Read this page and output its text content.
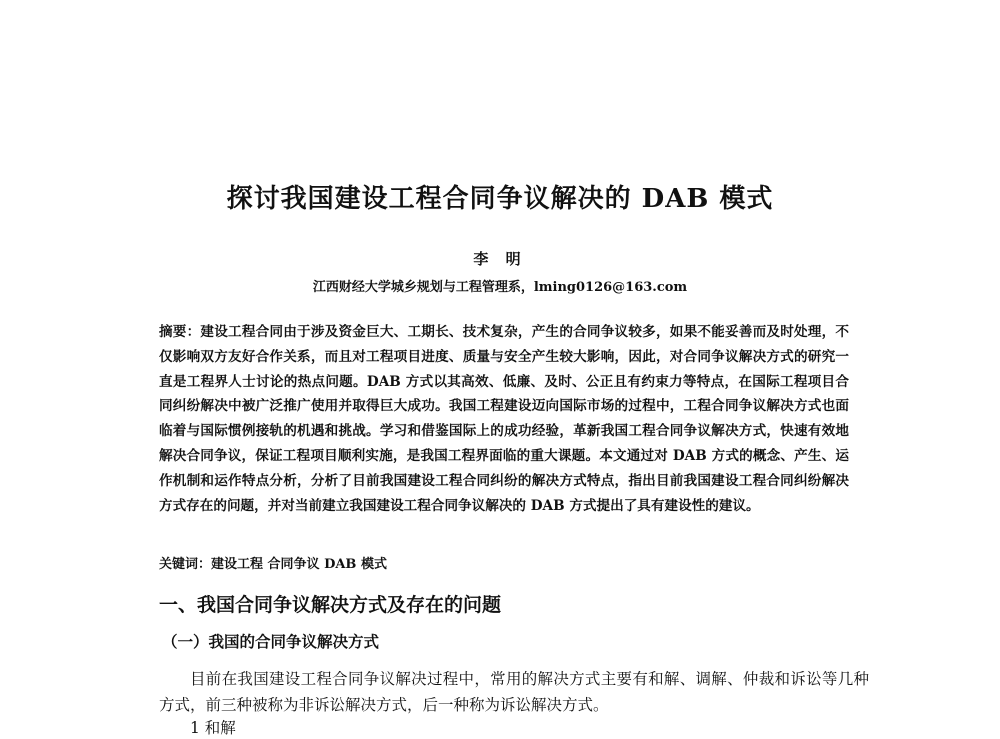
探讨我国建设工程合同争议解决的 DAB 模式
李 明
江西财经大学城乡规划与工程管理系，lming0126@163.com
摘要：建设工程合同由于涉及资金巨大、工期长、技术复杂，产生的合同争议较多，如果不能妥善而及时处理，不仅影响双方友好合作关系，而且对工程项目进度、质量与安全产生较大影响，因此，对合同争议解决方式的研究一直是工程界人士讨论的热点问题。DAB 方式以其高效、低廉、及时、公正且有约束力等特点，在国际工程项目合同纠纷解决中被广泛推广使用并取得巨大成功。我国工程建设迈向国际市场的过程中，工程合同争议解决方式也面临着与国际惯例接轨的机遇和挑战。学习和借鉴国际上的成功经验，革新我国工程合同争议解决方式，快速有效地解决合同争议，保证工程项目顺利实施，是我国工程界面临的重大课题。本文通过对 DAB 方式的概念、产生、运作机制和运作特点分析，分析了目前我国建设工程合同纠纷的解决方式特点，指出目前我国建设工程合同纠纷解决方式存在的问题，并对当前建立我国建设工程合同争议解决的 DAB 方式提出了具有建设性的建议。
关键词：建设工程 合同争议 DAB 模式
一、我国合同争议解决方式及存在的问题
（一）我国的合同争议解决方式
目前在我国建设工程合同争议解决过程中，常用的解决方式主要有和解、调解、仲裁和诉讼等几种方式，前三种被称为非诉讼解决方式，后一种称为诉讼解决方式。
1 和解
